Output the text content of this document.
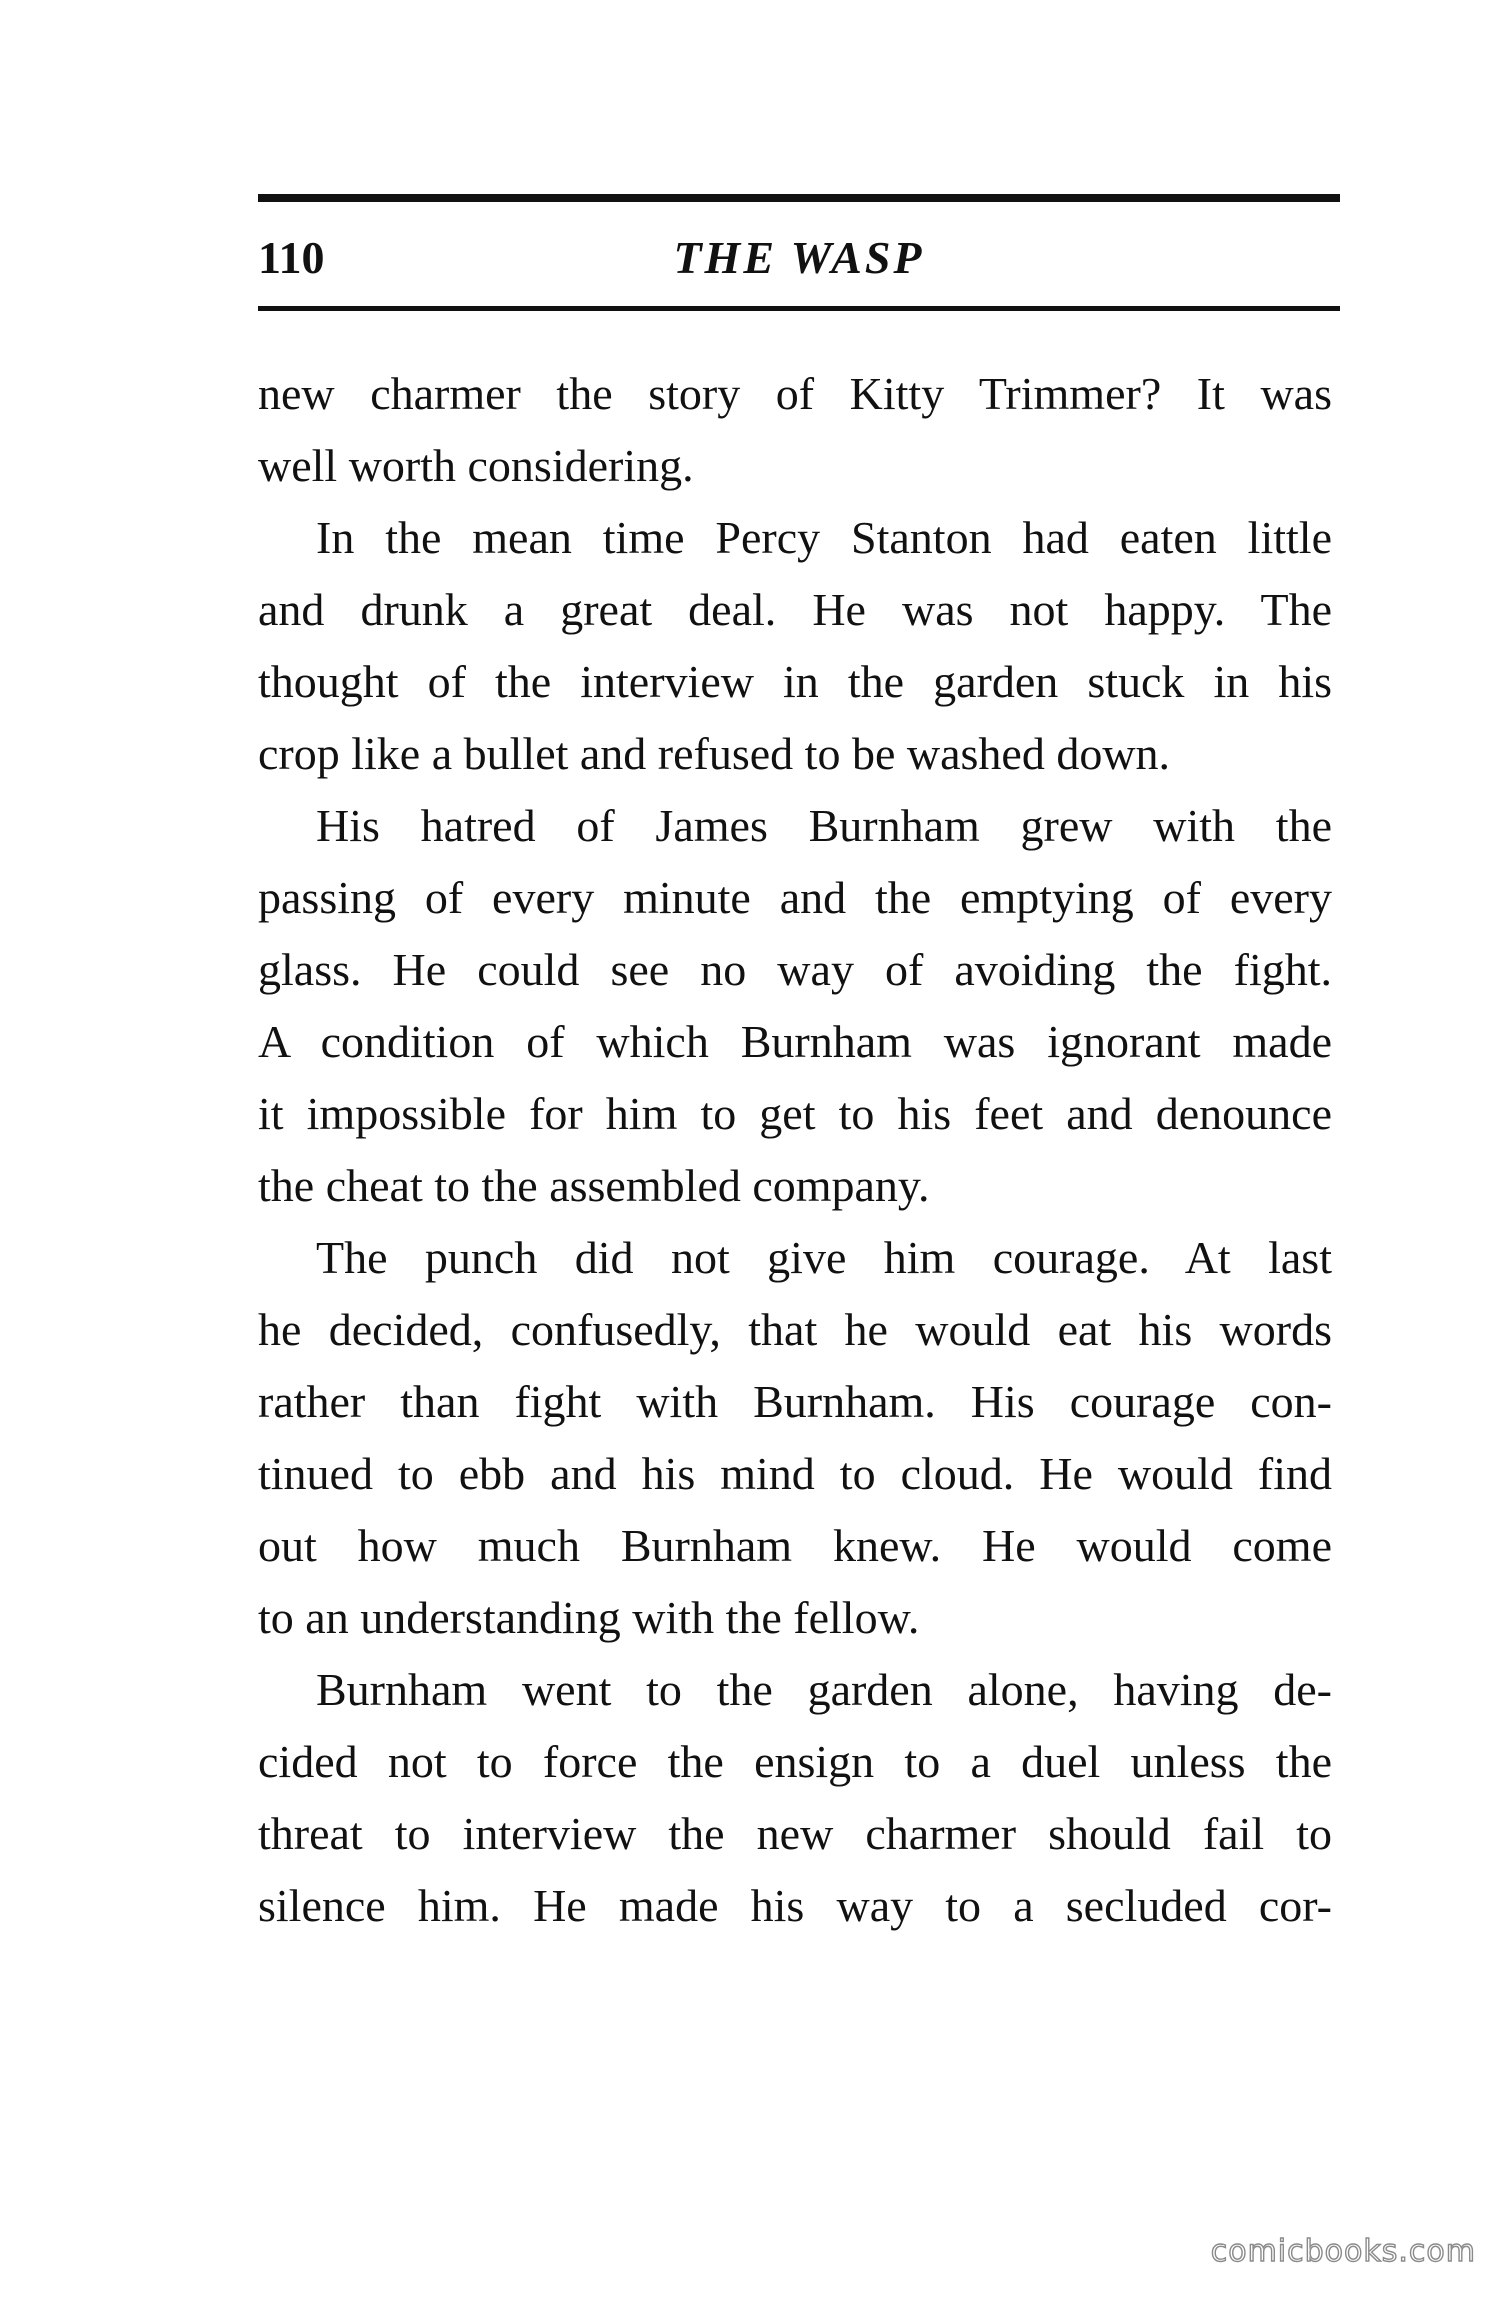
110	THE WASP
new charmer the story of Kitty Trimmer? It was
well worth considering.
In the mean time Percy Stanton had eaten little
and drunk a great deal. He was not happy. The
thought of the interview in the garden stuck in his
crop like a bullet and refused to be washed down.
His hatred of James Burnham grew with the
passing of every minute and the emptying of every
glass. He could see no way of avoiding the fight.
A condition of which Burnham was ignorant made
it impossible for him to get to his feet and denounce
the cheat to the assembled company.
The punch did not give him courage. At last
he decided, confusedly, that he would eat his words
rather than fight with Burnham. His courage con-
tinued to ebb and his mind to cloud. He would find
out how much Burnham knew. He would come
to an understanding with the fellow.
Burnham went to the garden alone, having de-
cided not to force the ensign to a duel unless the
threat to interview the new charmer should fail to
silence him. He made his way to a secluded cor-
comicbooks.com
